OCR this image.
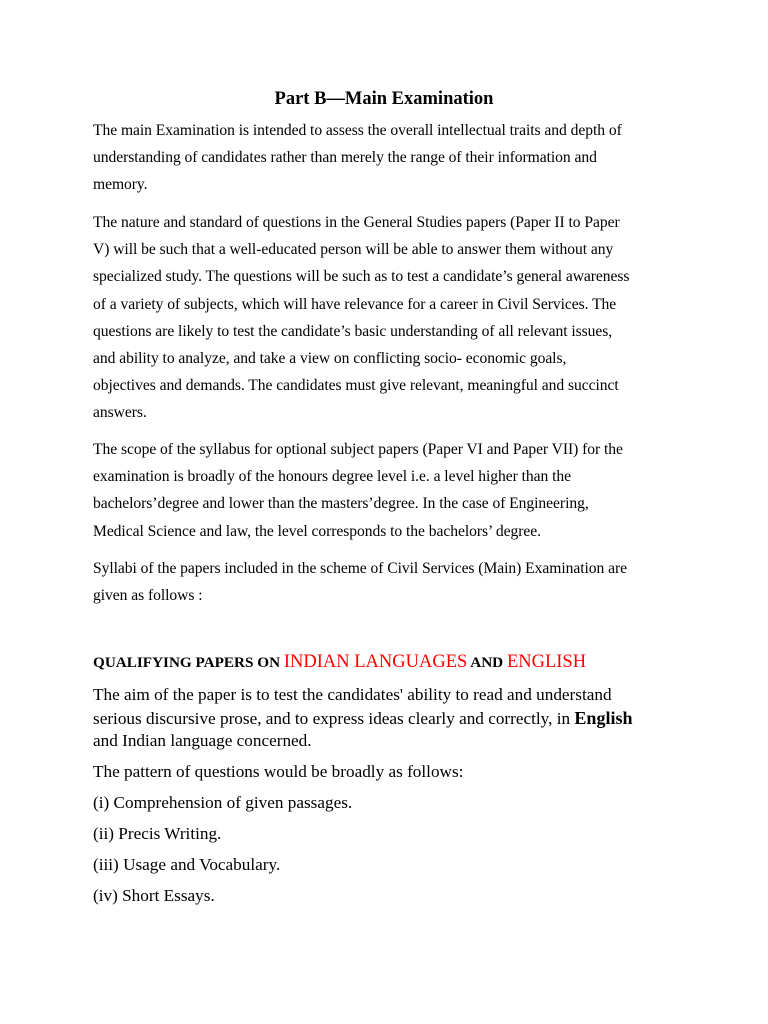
Part B—Main Examination

The main Examination is intended to assess the overall intellectual traits and depth of
understanding of candidates rather than merely the range of their information and
memory.

The nature and standard of questions in the General Studies papers (Paper II to Paper
V) will be such that a well-educated person will be able to answer them without any
specialized study. The questions will be such as to test a candidate’s general awareness
of a variety of subjects, which will have relevance for a career in Civil Services. The
questions are likely to test the candidate’s basic understanding of all relevant issues,
and ability to analyze, and take a view on conflicting socio- economic goals,
objectives and demands. The candidates must give relevant, meaningful and succinct
answers.

The scope of the syllabus for optional subject papers (Paper VI and Paper VII) for the
examination is broadly of the honours degree level i.e. a level higher than the
bachelors’degree and lower than the masters’degree. In the case of Engineering,
Medical Science and law, the level corresponds to the bachelors’ degree.

Syllabi of the papers included in the scheme of Civil Services (Main) Examination are
given as follows :

QUALIFYING PAPERS ON INDIAN LANGUAGES AND ENGLISH

The aim of the paper is to test the candidates' ability to read and understand
serious discursive prose, and to express ideas clearly and correctly, in English
and Indian language concerned.

The pattern of questions would be broadly as follows:

(i) Comprehension of given passages.

(ii) Precis Writing.

(iii) Usage and Vocabulary.

(iv) Short Essays.
